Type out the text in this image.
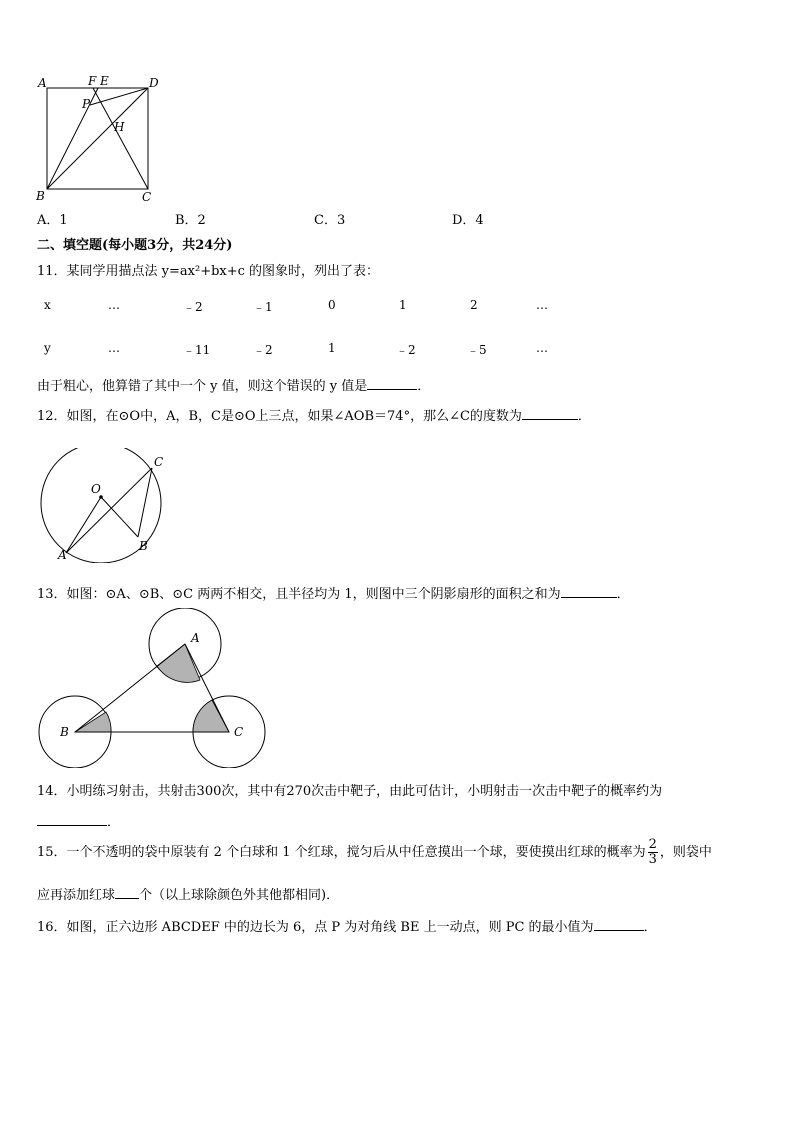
A	F E	D
P
H
B	C
A．1	B．2	C．3	D．4
二、填空题(每小题3分，共24分)
11．某同学用描点法 y=ax²+bx+c 的图象时，列出了表：
x	…	﹣2	﹣1	0	1	2	…
y	…	﹣11	﹣2	1	﹣2	﹣5	…
由于粗心，他算错了其中一个 y 值，则这个错误的 y 值是	．
12．如图，在⊙O中，A，B，C是⊙O上三点，如果∠AOB＝74°，那么∠C的度数为	．
C
O
A
B
13．如图：⊙A、⊙B、⊙C 两两不相交，且半径均为 1，则图中三个阴影扇形的面积之和为	．
A
B	C
14．小明练习射击，共射击300次，其中有270次击中靶子，由此可估计，小明射击一次击中靶子的概率约为
．
15．一个不透明的袋中原装有 2 个白球和 1 个红球，搅匀后从中任意摸出一个球，要使摸出红球的概率为 $\frac{2}{3}$ ，则袋中
应再添加红球 个（以上球除颜色外其他都相同)．
16．如图，正六边形 ABCDEF 中的边长为 6，点 P 为对角线 BE 上一动点，则 PC 的最小值为	．
